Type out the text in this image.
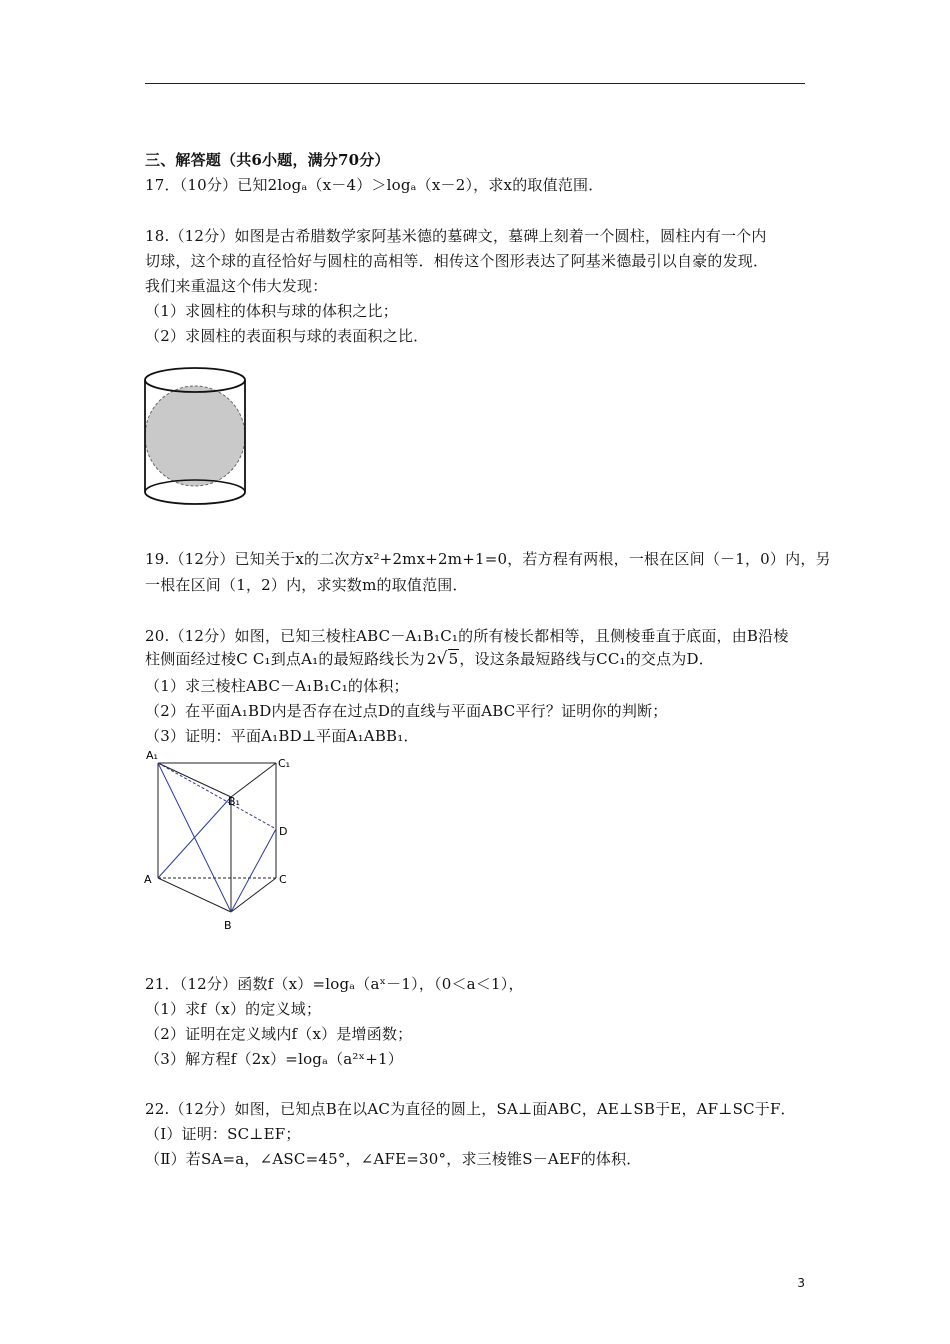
三、解答题（共6小题，满分70分）
17．（10分）已知2logₐ（x－4）＞logₐ（x－2），求x的取值范围．
18.（12分）如图是古希腊数学家阿基米德的墓碑文，墓碑上刻着一个圆柱，圆柱内有一个内
切球，这个球的直径恰好与圆柱的高相等．相传这个图形表达了阿基米德最引以自豪的发现．
我们来重温这个伟大发现：
（1）求圆柱的体积与球的体积之比；
（2）求圆柱的表面积与球的表面积之比．
19.（12分）已知关于x的二次方x²+2mx+2m+1=0，若方程有两根，一根在区间（－1，0）内，另
一根在区间（1，2）内，求实数m的取值范围．
20.（12分）如图，已知三棱柱ABC－A₁B₁C₁的所有棱长都相等，且侧棱垂直于底面，由B沿棱
柱侧面经过棱C C₁到点A₁的最短路线长为 2√5，设这条最短路线与CC₁的交点为D．
（1）求三棱柱ABC－A₁B₁C₁的体积；
（2）在平面A₁BD内是否存在过点D的直线与平面ABC平行？证明你的判断；
（3）证明：平面A₁BD⊥平面A₁ABB₁．
A₁
C₁
B₁
D
A	C
B
21．（12分）函数f（x）=logₐ（aˣ－1），（0＜a＜1），
（1）求f（x）的定义域；
（2）证明在定义域内f（x）是增函数；
（3）解方程f（2x）=logₐ（a²ˣ+1）
22.（12分）如图，已知点B在以AC为直径的圆上，SA⊥面ABC，AE⊥SB于E，AF⊥SC于F．
（Ⅰ）证明：SC⊥EF；
（Ⅱ）若SA=a，∠ASC=45°，∠AFE=30°，求三棱锥S－AEF的体积．
3
